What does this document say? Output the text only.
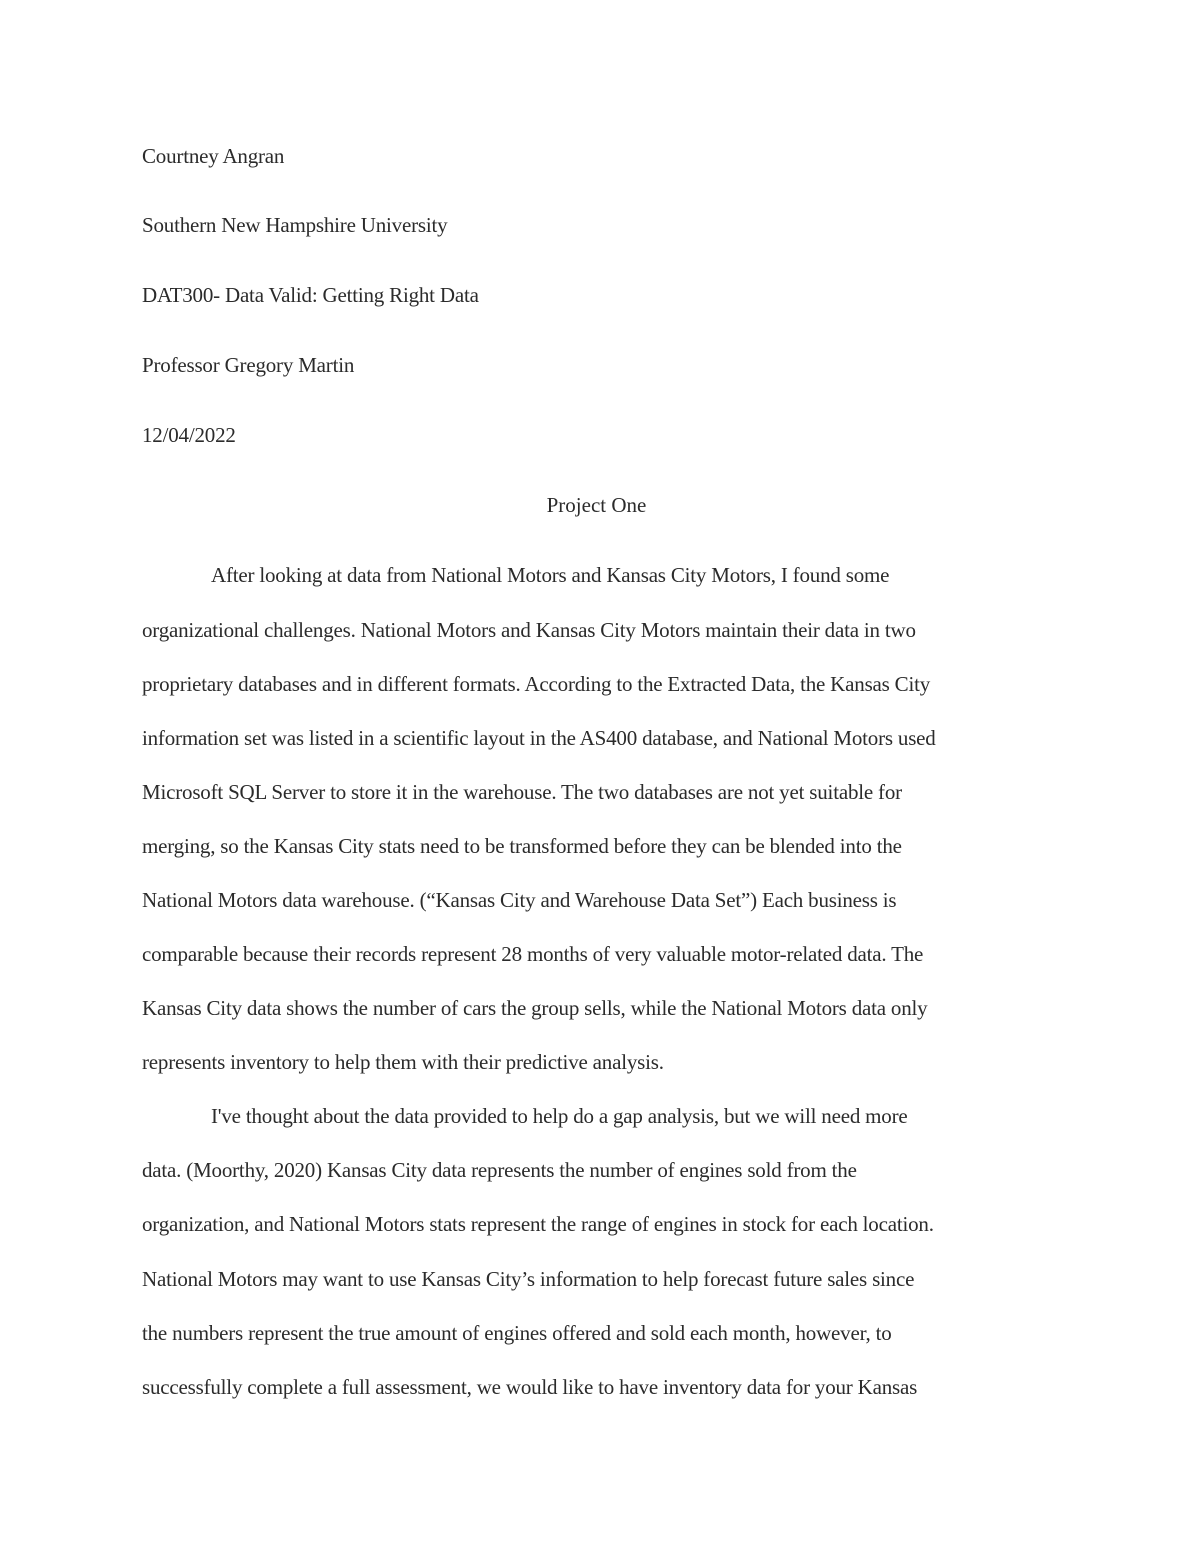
Courtney Angran
Southern New Hampshire University
DAT300- Data Valid: Getting Right Data
Professor Gregory Martin
12/04/2022
Project One
After looking at data from National Motors and Kansas City Motors, I found some
organizational challenges. National Motors and Kansas City Motors maintain their data in two
proprietary databases and in different formats. According to the Extracted Data, the Kansas City
information set was listed in a scientific layout in the AS400 database, and National Motors used
Microsoft SQL Server to store it in the warehouse. The two databases are not yet suitable for
merging, so the Kansas City stats need to be transformed before they can be blended into the
National Motors data warehouse. (“Kansas City and Warehouse Data Set”) Each business is
comparable because their records represent 28 months of very valuable motor-related data. The
Kansas City data shows the number of cars the group sells, while the National Motors data only
represents inventory to help them with their predictive analysis.
I've thought about the data provided to help do a gap analysis, but we will need more
data. (Moorthy, 2020) Kansas City data represents the number of engines sold from the
organization, and National Motors stats represent the range of engines in stock for each location.
National Motors may want to use Kansas City’s information to help forecast future sales since
the numbers represent the true amount of engines offered and sold each month, however, to
successfully complete a full assessment, we would like to have inventory data for your Kansas
